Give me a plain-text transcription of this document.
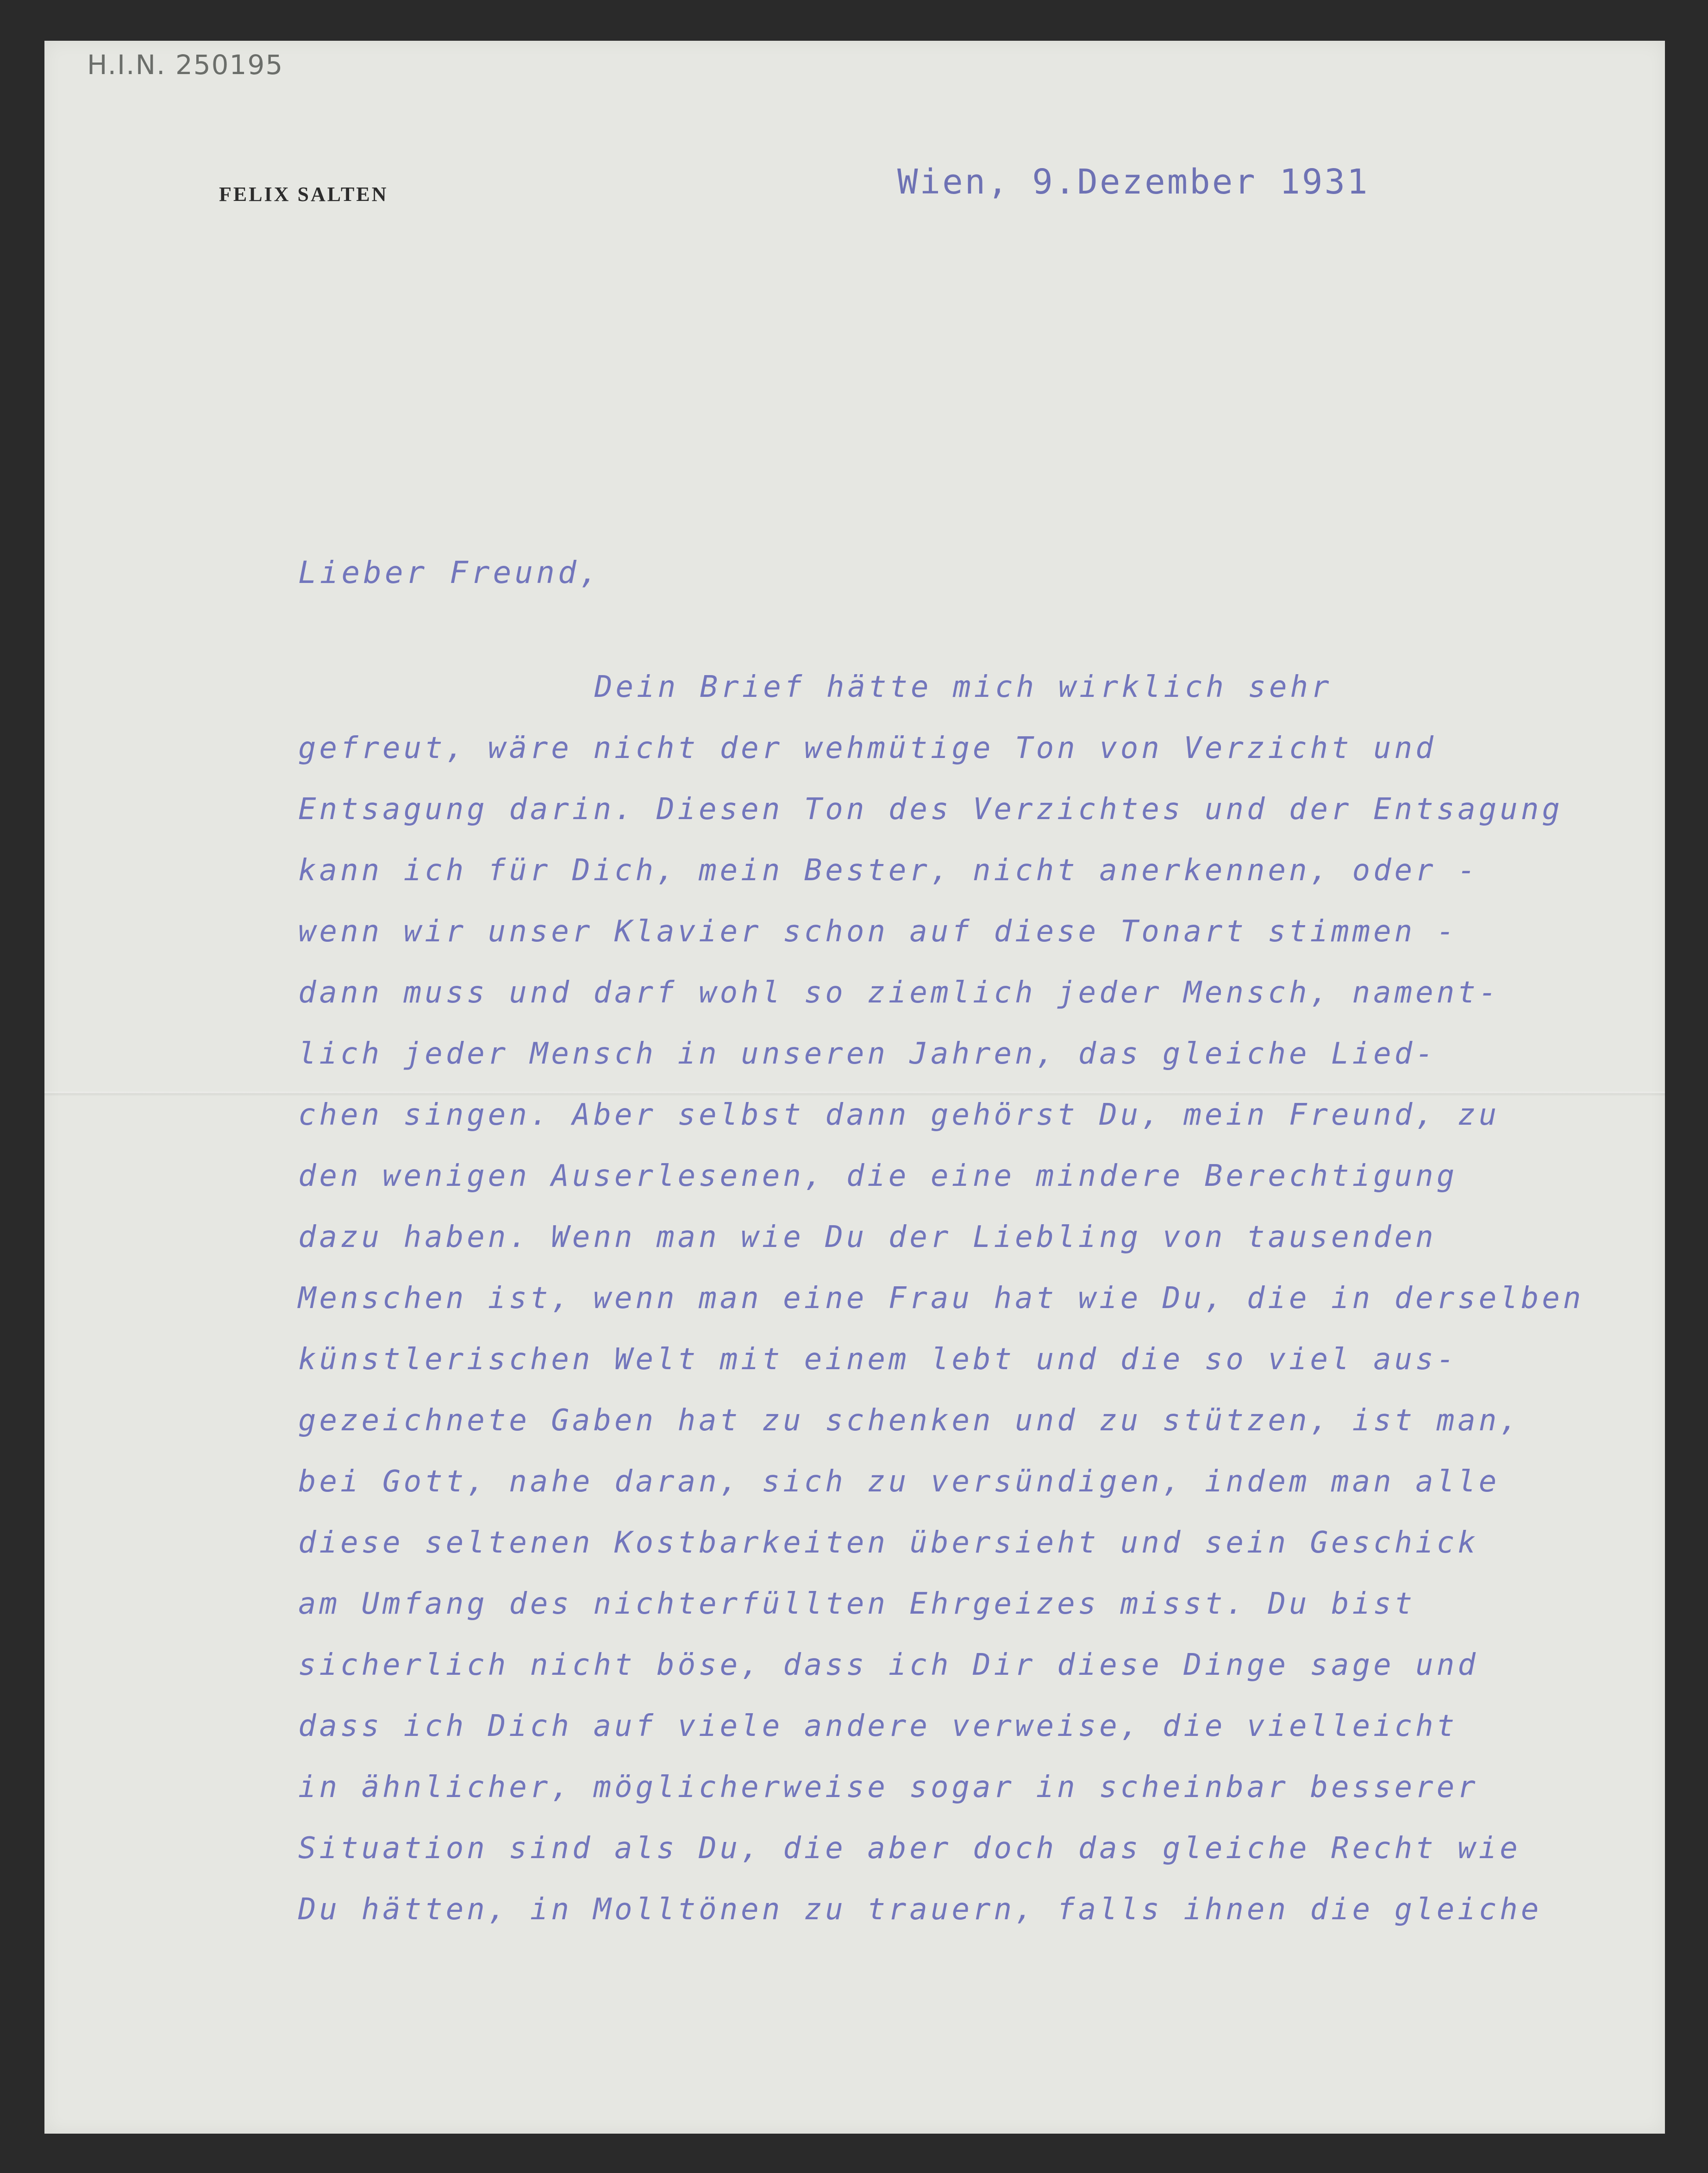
H.I.N. 250195
FELIX SALTEN	Wien, 9.Dezember 1931
Lieber Freund,
Dein Brief hätte mich wirklich sehr
gefreut, wäre nicht der wehmütige Ton von Verzicht und
Entsagung darin. Diesen Ton des Verzichtes und der Entsagung
kann ich für Dich, mein Bester, nicht anerkennen, oder -
wenn wir unser Klavier schon auf diese Tonart stimmen -
dann muss und darf wohl so ziemlich jeder Mensch, nament-
lich jeder Mensch in unseren Jahren, das gleiche Lied-
chen singen. Aber selbst dann gehörst Du, mein Freund, zu
den wenigen Auserlesenen, die eine mindere Berechtigung
dazu haben. Wenn man wie Du der Liebling von tausenden
Menschen ist, wenn man eine Frau hat wie Du, die in derselben
künstlerischen Welt mit einem lebt und die so viel aus-
gezeichnete Gaben hat zu schenken und zu stützen, ist man,
bei Gott, nahe daran, sich zu versündigen, indem man alle
diese seltenen Kostbarkeiten übersieht und sein Geschick
am Umfang des nichterfüllten Ehrgeizes misst. Du bist
sicherlich nicht böse, dass ich Dir diese Dinge sage und
dass ich Dich auf viele andere verweise, die vielleicht
in ähnlicher, möglicherweise sogar in scheinbar besserer
Situation sind als Du, die aber doch das gleiche Recht wie
Du hätten, in Molltönen zu trauern, falls ihnen die gleiche
